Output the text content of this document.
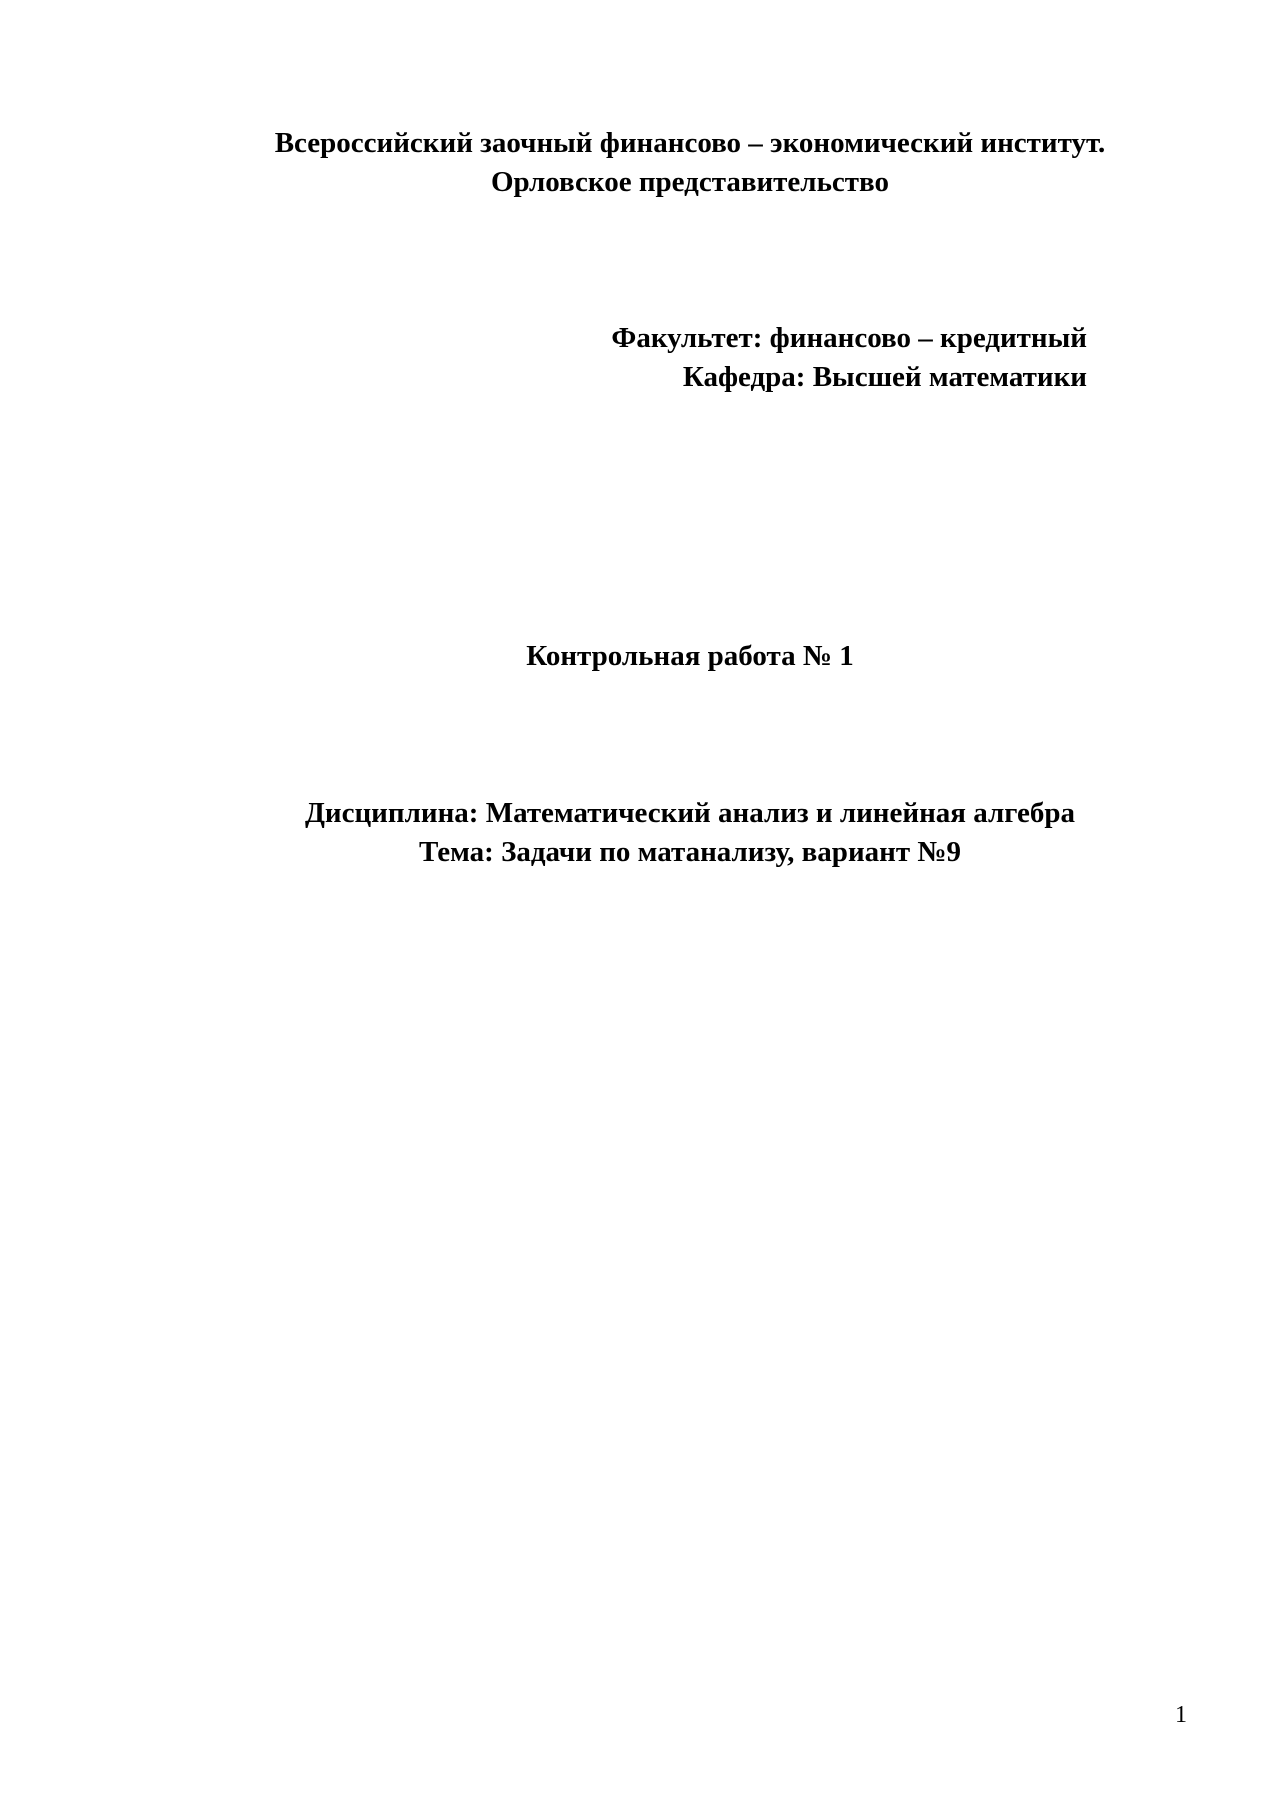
Всероссийский заочный финансово – экономический институт.
Орловское представительство
Факультет: финансово – кредитный
Кафедра: Высшей математики
Контрольная работа № 1
Дисциплина: Математический анализ и линейная алгебра
Тема: Задачи по матанализу, вариант №9
1
